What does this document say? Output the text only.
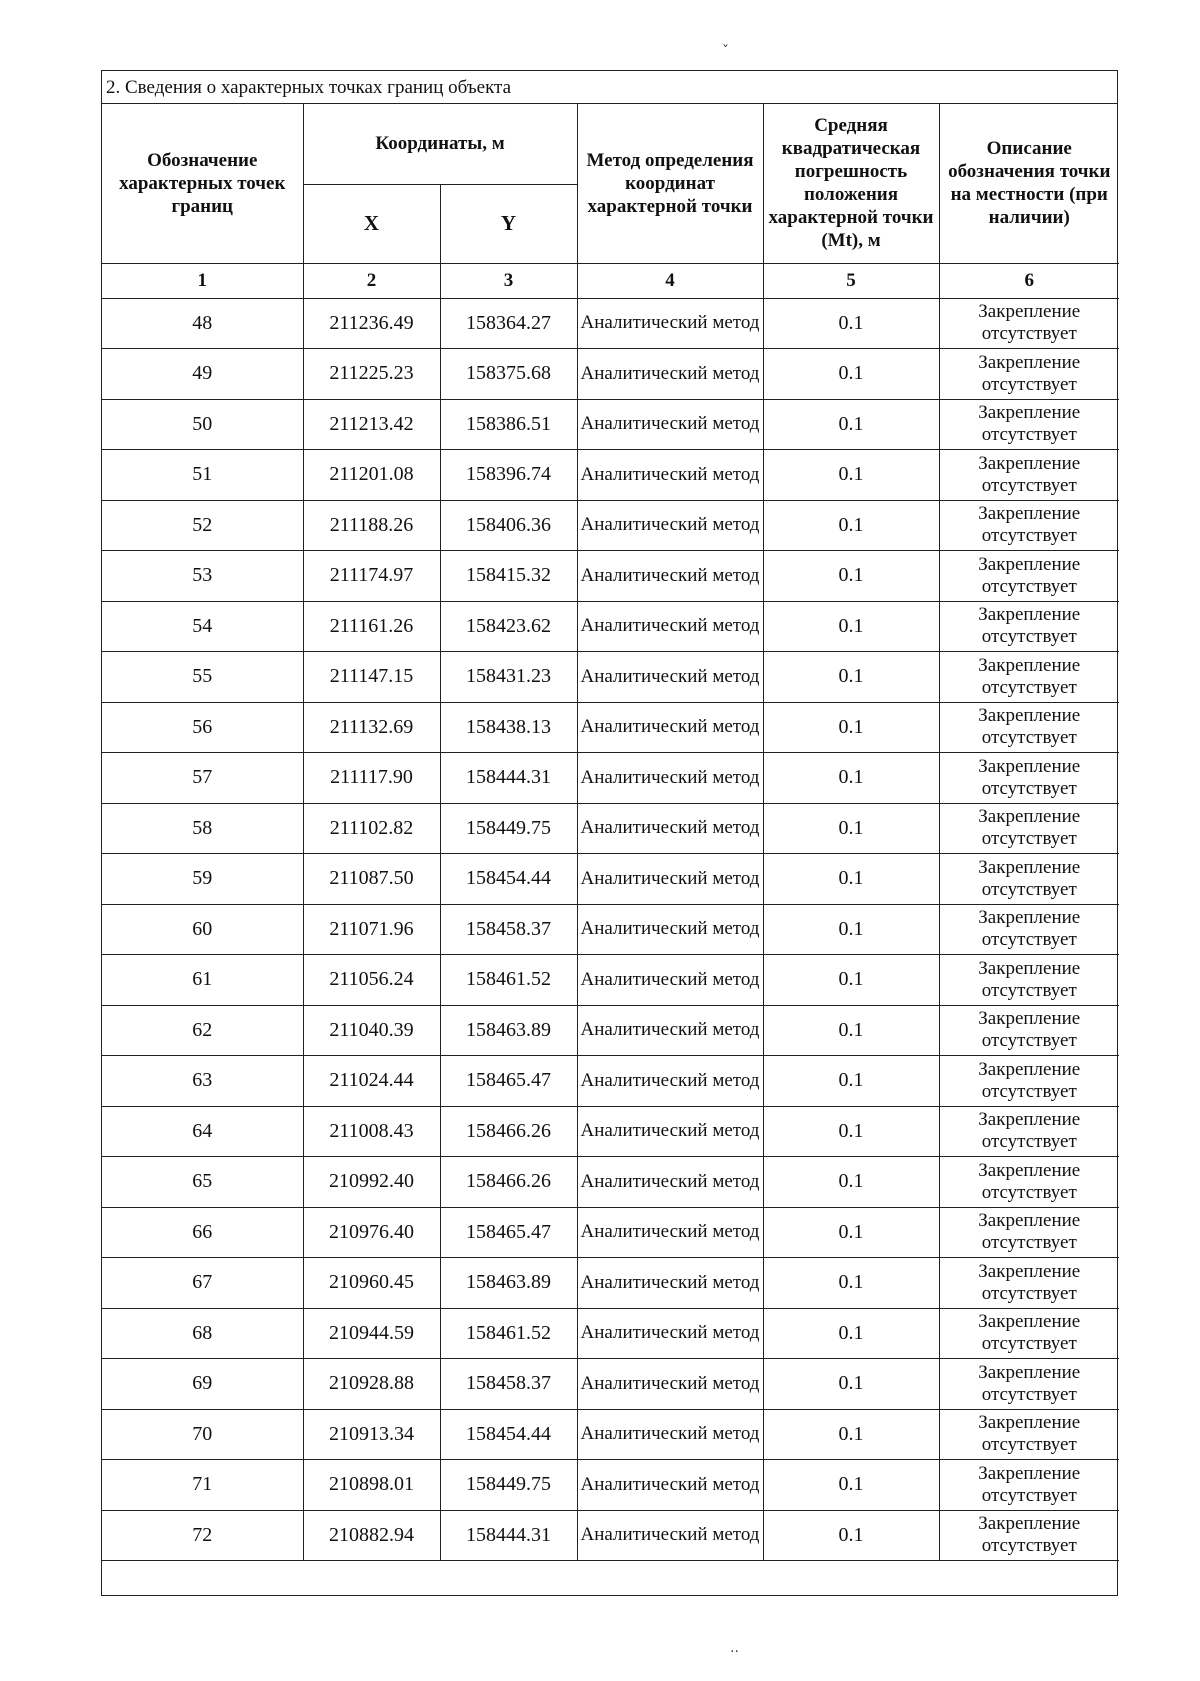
ˇ
..
2. Сведения о характерных точках границ объекта
Обозначение характерных точек границ	Координаты, м		Метод определения координат характерной точки	Средняя квадратическая погрешность положения характерной точки (Mt), м	Описание обозначения точки на местности (при наличии)
	X	Y			
1	2	3	4	5	6
48	211236.49	158364.27	Аналитический метод	0.1	Закрепление отсутствует
49	211225.23	158375.68	Аналитический метод	0.1	Закрепление отсутствует
50	211213.42	158386.51	Аналитический метод	0.1	Закрепление отсутствует
51	211201.08	158396.74	Аналитический метод	0.1	Закрепление отсутствует
52	211188.26	158406.36	Аналитический метод	0.1	Закрепление отсутствует
53	211174.97	158415.32	Аналитический метод	0.1	Закрепление отсутствует
54	211161.26	158423.62	Аналитический метод	0.1	Закрепление отсутствует
55	211147.15	158431.23	Аналитический метод	0.1	Закрепление отсутствует
56	211132.69	158438.13	Аналитический метод	0.1	Закрепление отсутствует
57	211117.90	158444.31	Аналитический метод	0.1	Закрепление отсутствует
58	211102.82	158449.75	Аналитический метод	0.1	Закрепление отсутствует
59	211087.50	158454.44	Аналитический метод	0.1	Закрепление отсутствует
60	211071.96	158458.37	Аналитический метод	0.1	Закрепление отсутствует
61	211056.24	158461.52	Аналитический метод	0.1	Закрепление отсутствует
62	211040.39	158463.89	Аналитический метод	0.1	Закрепление отсутствует
63	211024.44	158465.47	Аналитический метод	0.1	Закрепление отсутствует
64	211008.43	158466.26	Аналитический метод	0.1	Закрепление отсутствует
65	210992.40	158466.26	Аналитический метод	0.1	Закрепление отсутствует
66	210976.40	158465.47	Аналитический метод	0.1	Закрепление отсутствует
67	210960.45	158463.89	Аналитический метод	0.1	Закрепление отсутствует
68	210944.59	158461.52	Аналитический метод	0.1	Закрепление отсутствует
69	210928.88	158458.37	Аналитический метод	0.1	Закрепление отсутствует
70	210913.34	158454.44	Аналитический метод	0.1	Закрепление отсутствует
71	210898.01	158449.75	Аналитический метод	0.1	Закрепление отсутствует
72	210882.94	158444.31	Аналитический метод	0.1	Закрепление отсутствует
